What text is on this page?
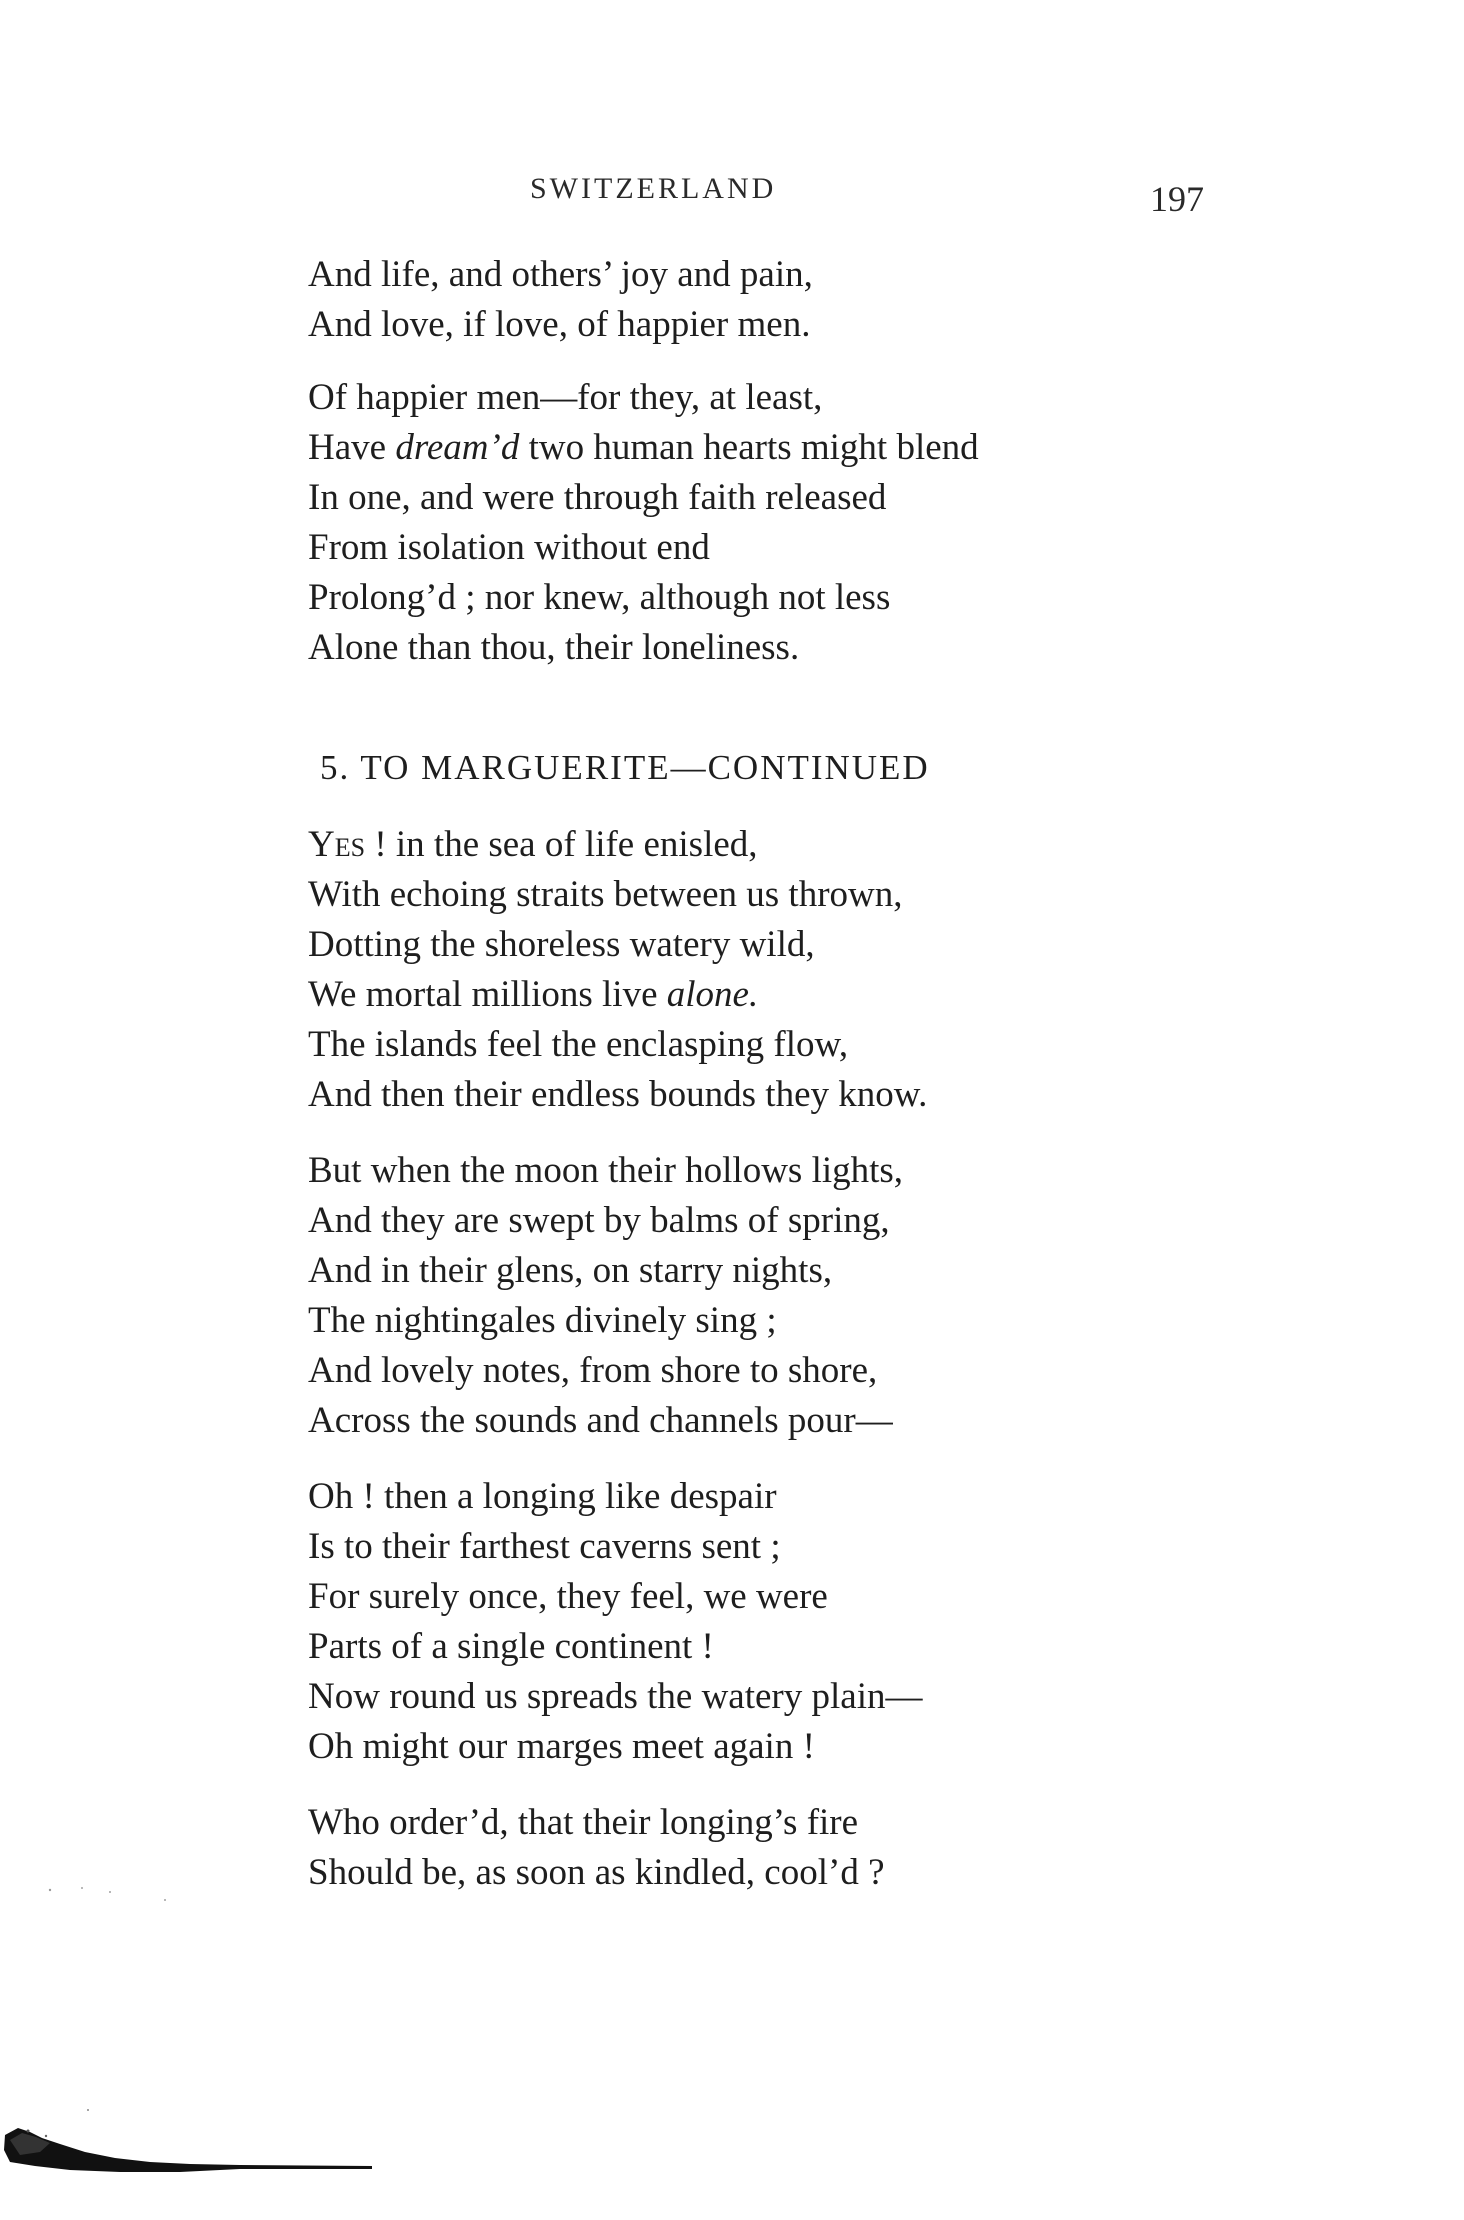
SWITZERLAND	197
And life, and others’ joy and pain,
And love, if love, of happier men.
Of happier men—for they, at least,
Have dream’d two human hearts might blend
In one, and were through faith released
From isolation without end
Prolong’d ; nor knew, although not less
Alone than thou, their loneliness.
5. TO MARGUERITE—CONTINUED
Yes ! in the sea of life enisled,
With echoing straits between us thrown,
Dotting the shoreless watery wild,
We mortal millions live alone.
The islands feel the enclasping flow,
And then their endless bounds they know.
But when the moon their hollows lights,
And they are swept by balms of spring,
And in their glens, on starry nights,
The nightingales divinely sing ;
And lovely notes, from shore to shore,
Across the sounds and channels pour—
Oh ! then a longing like despair
Is to their farthest caverns sent ;
For surely once, they feel, we were
Parts of a single continent !
Now round us spreads the watery plain—
Oh might our marges meet again !
Who order’d, that their longing’s fire
Should be, as soon as kindled, cool’d ?
